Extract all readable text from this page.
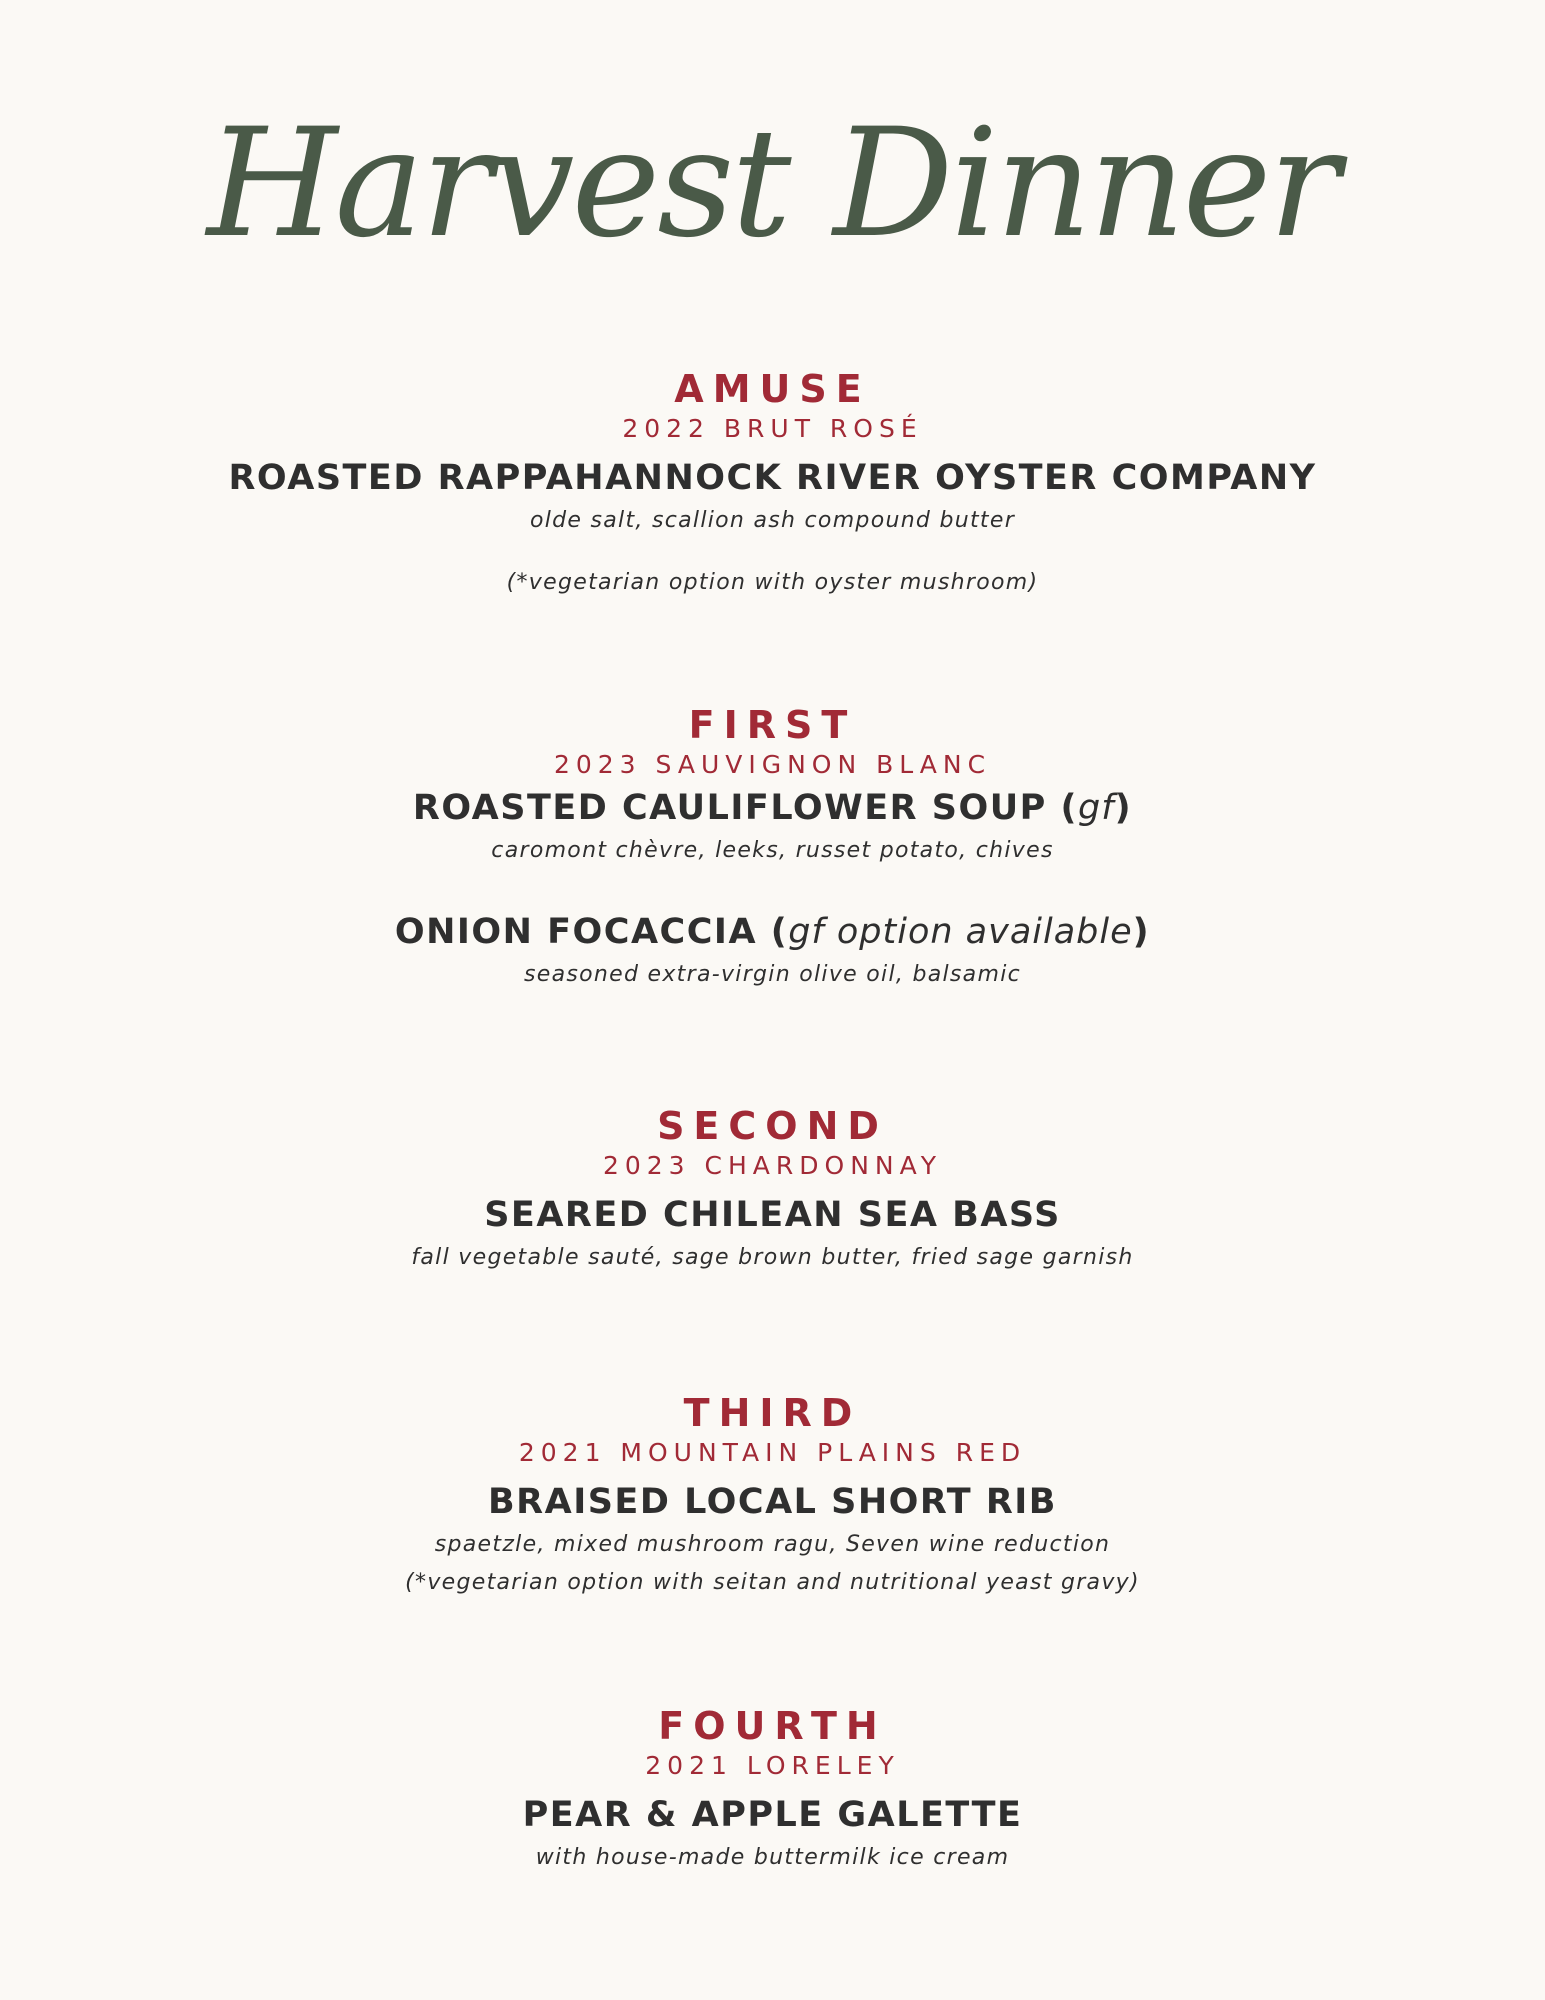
Harvest Dinner
AMUSE

2022 BRUT ROSÉ

ROASTED RAPPAHANNOCK RIVER OYSTER COMPANY

olde salt, scallion ash compound butter

(*vegetarian option with oyster mushroom)

FIRST

2023 SAUVIGNON BLANC

ROASTED CAULIFLOWER SOUP (gf)

caromont chèvre, leeks, russet potato, chives

ONION FOCACCIA (gf option available)

seasoned extra-virgin olive oil, balsamic

SECOND

2023 CHARDONNAY

SEARED CHILEAN SEA BASS

fall vegetable sauté, sage brown butter, fried sage garnish

THIRD

2021 MOUNTAIN PLAINS RED

BRAISED LOCAL SHORT RIB

spaetzle, mixed mushroom ragu, Seven wine reduction

(*vegetarian option with seitan and nutritional yeast gravy)

FOURTH

2021 LORELEY

PEAR & APPLE GALETTE

with house-made buttermilk ice cream
